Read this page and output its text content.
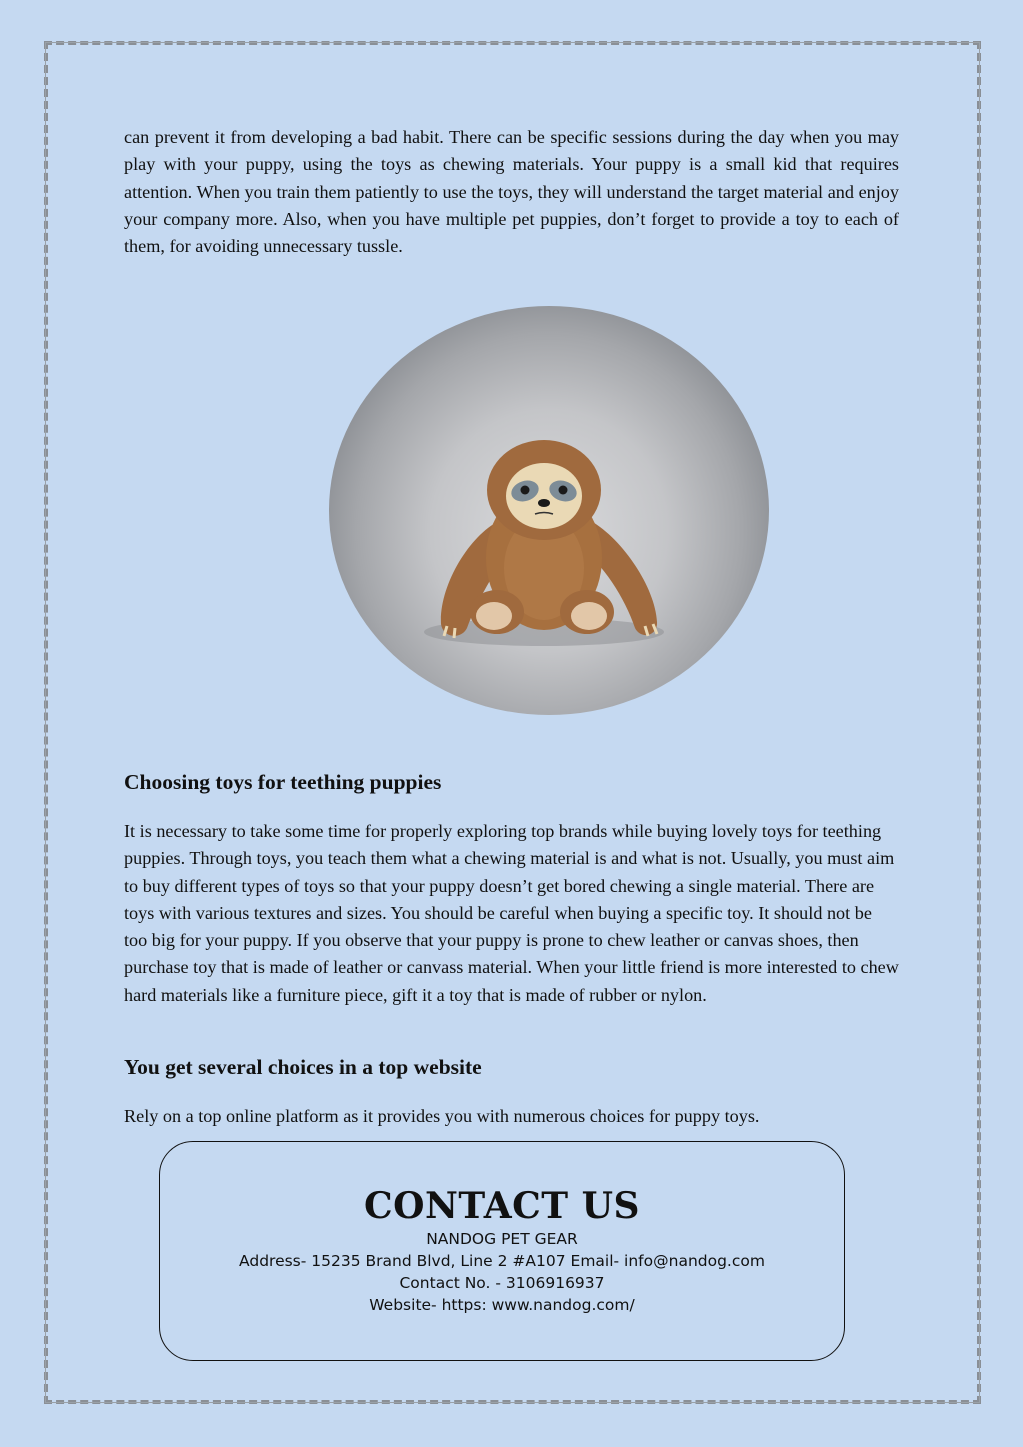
can prevent it from developing a bad habit. There can be specific sessions during the day when you may play with your puppy, using the toys as chewing materials. Your puppy is a small kid that requires attention. When you train them patiently to use the toys, they will understand the target material and enjoy your company more. Also, when you have multiple pet puppies, don’t forget to provide a toy to each of them, for avoiding unnecessary tussle.

Choosing toys for teething puppies

It is necessary to take some time for properly exploring top brands while buying lovely toys for teething puppies. Through toys, you teach them what a chewing material is and what is not. Usually, you must aim to buy different types of toys so that your puppy doesn’t get bored chewing a single material. There are toys with various textures and sizes. You should be careful when buying a specific toy. It should not be too big for your puppy. If you observe that your puppy is prone to chew leather or canvas shoes, then purchase toy that is made of leather or canvass material. When your little friend is more interested to chew hard materials like a furniture piece, gift it a toy that is made of rubber or nylon.

You get several choices in a top website

Rely on a top online platform as it provides you with numerous choices for puppy toys.

CONTACT US
NANDOG PET GEAR
Address- 15235 Brand Blvd, Line 2 #A107 Email- info@nandog.com
Contact No. - 3106916937
Website- https: www.nandog.com/
